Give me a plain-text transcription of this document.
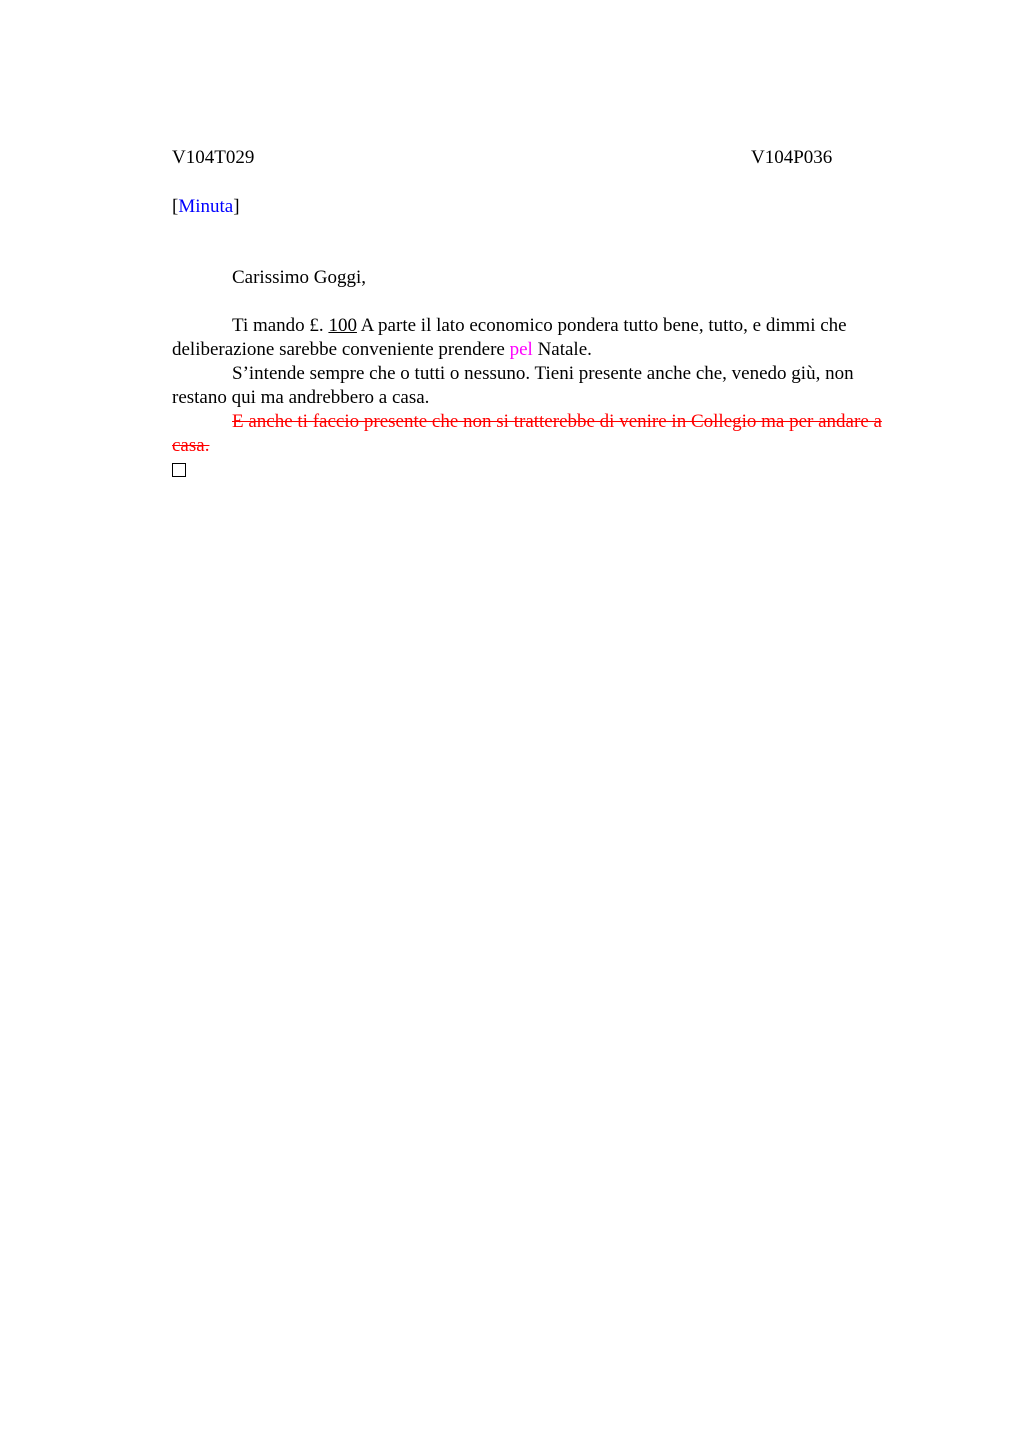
V104T029	V104P036
[Minuta]

Carissimo Goggi,

Ti mando £. 100 A parte il lato economico pondera tutto bene, tutto, e dimmi che deliberazione sarebbe conveniente prendere pel Natale.

S’intende sempre che o tutti o nessuno. Tieni presente anche che, venedo giù, non restano qui ma andrebbero a casa.

E anche ti faccio presente che non si tratterebbe di venire in Collegio ma per andare a casa.
